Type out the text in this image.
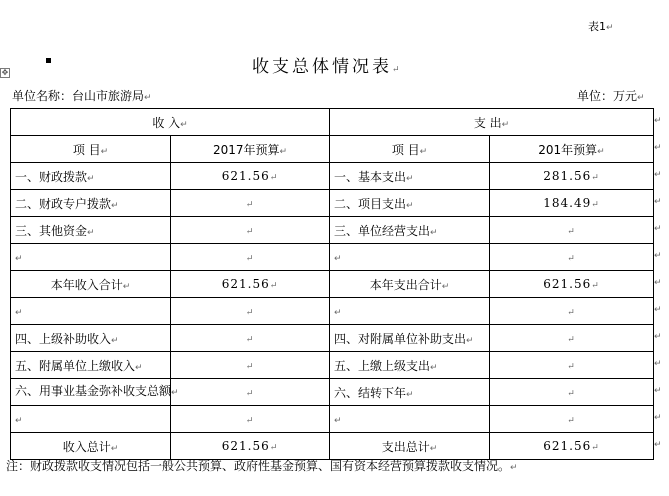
表1↵
✥	收支总体情况表↵
单位名称：台山市旅游局↵	单位：万元↵
收 入↵		支 出↵	
项 目↵	2017年预算↵	项 目↵	201年预算↵
一、财政拨款↵	621.56↵	一、基本支出↵	281.56↵
二、财政专户拨款↵	↵	二、项目支出↵	184.49↵
三、其他资金↵	↵	三、单位经营支出↵	↵
↵	↵	↵	↵
本年收入合计↵	621.56↵	本年支出合计↵	621.56↵
↵	↵	↵	↵
四、上级补助收入↵	↵	四、对附属单位补助支出↵	↵
五、附属单位上缴收入↵	↵	五、上缴上级支出↵	↵
六、用事业基金弥补收支总额↵	↵	六、结转下年↵	↵
↵	↵	↵	↵
收入总计↵	621.56↵	支出总计↵	621.56↵
↵
↵
↵
↵
↵
↵
↵
↵
↵
↵
↵
↵
↵
注：财政拨款收支情况包括一般公共预算、政府性基金预算、国有资本经营预算拨款收支情况。↵
